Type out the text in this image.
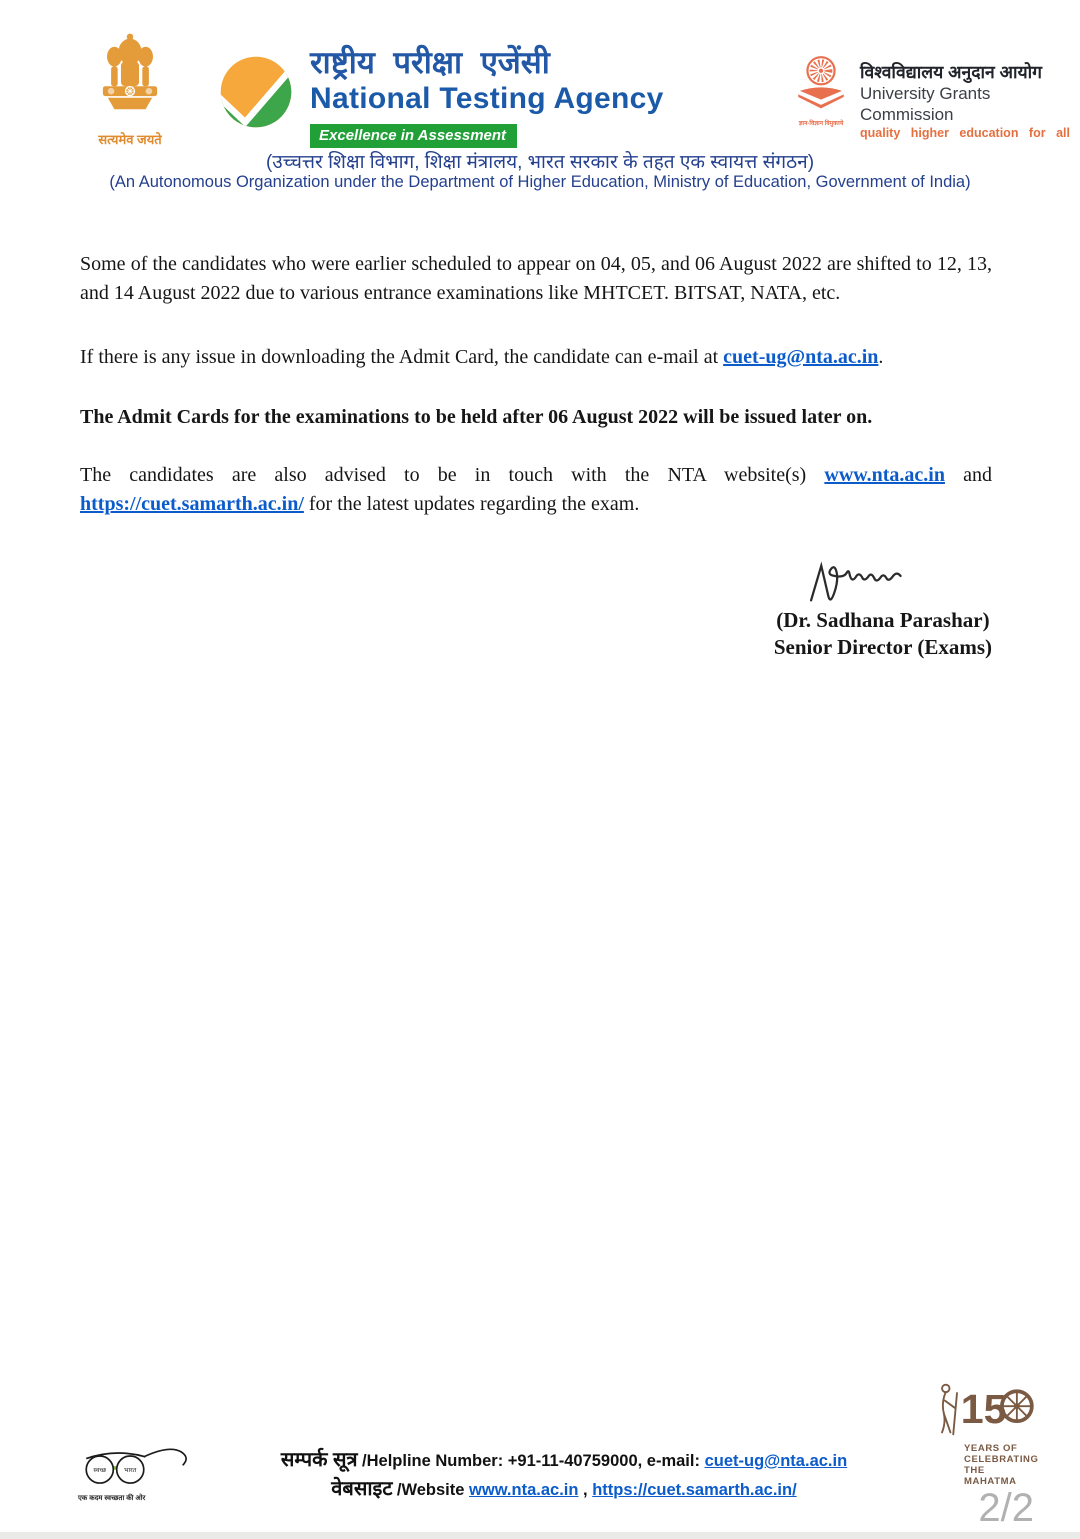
सत्यमेव जयते
राष्ट्रीय परीक्षा एजेंसी
National Testing Agency
Excellence in Assessment
ज्ञान-विज्ञान विमुक्तये
विश्वविद्यालय अनुदान आयोग
University Grants Commission
quality higher education for all
(उच्चत्तर शिक्षा विभाग, शिक्षा मंत्रालय, भारत सरकार के तहत एक स्वायत्त संगठन)
(An Autonomous Organization under the Department of Higher Education, Ministry of Education, Government of India)

Some of the candidates who were earlier scheduled to appear on 04, 05, and 06 August 2022 are shifted to 12, 13, and 14 August 2022 due to various entrance examinations like MHTCET. BITSAT, NATA, etc.

If there is any issue in downloading the Admit Card, the candidate can e-mail at cuet-ug@nta.ac.in.

The Admit Cards for the examinations to be held after 06 August 2022 will be issued later on.

The candidates are also advised to be in touch with the NTA website(s) www.nta.ac.in and https://cuet.samarth.ac.in/ for the latest updates regarding the exam.

(Dr. Sadhana Parashar)
Senior Director (Exams)
स्वच्छ भारत
एक कदम स्वच्छता की ओर
सम्पर्क सूत्र /Helpline Number: +91-11-40759000, e-mail: cuet-ug@nta.ac.in
वेबसाइट /Website www.nta.ac.in , https://cuet.samarth.ac.in/
15
YEARS OF
CELEBRATING
THE MAHATMA
2/2
